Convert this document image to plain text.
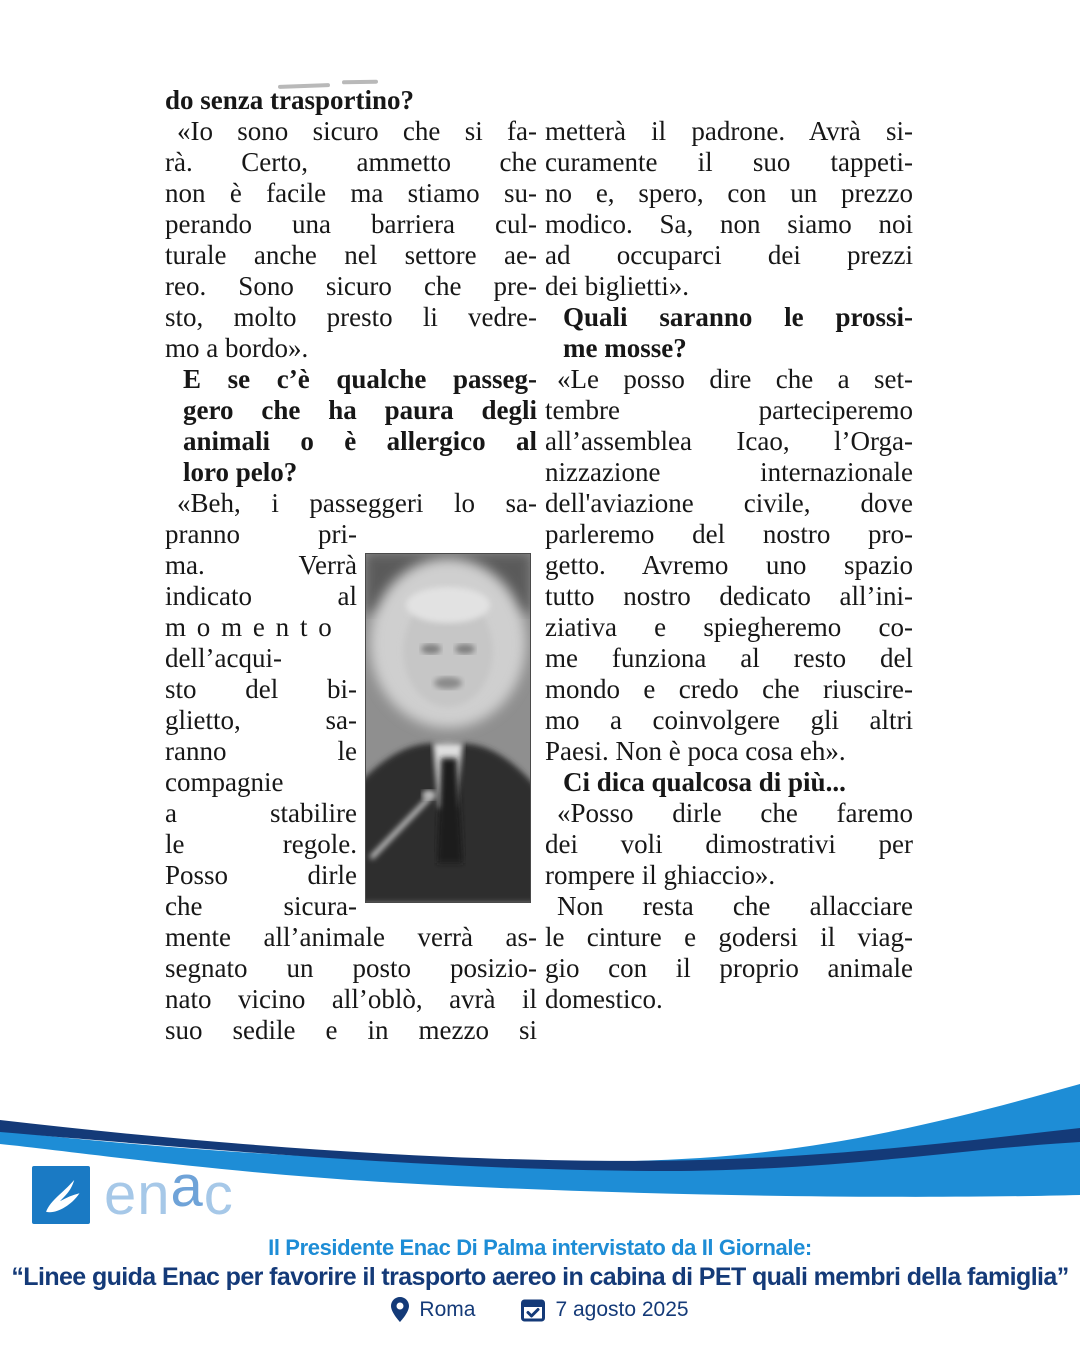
do senza trasportino?
«Io sono sicuro che si fa-
rà. Certo, ammetto che
non è facile ma stiamo su-
perando una barriera cul-
turale anche nel settore ae-
reo. Sono sicuro che pre-
sto, molto presto li vedre-
mo a bordo».
E se c’è qualche passeg-
gero che ha paura degli
animali o è allergico al
loro pelo?
«Beh, i passeggeri lo sa-
pranno pri-
ma. Verrà
indicato al
momento
dell’acqui-
sto del bi-
glietto, sa-
ranno le
compagnie
a stabilire
le regole.
Posso dirle
che sicura-
mente all’animale verrà as-
segnato un posto posizio-
nato vicino all’oblò, avrà il
suo sedile e in mezzo si
metterà il padrone. Avrà si-
curamente il suo tappeti-
no e, spero, con un prezzo
modico. Sa, non siamo noi
ad occuparci dei prezzi
dei biglietti».
Quali saranno le prossi-
me mosse?
«Le posso dire che a set-
tembre parteciperemo
all’assemblea Icao, l’Orga-
nizzazione internazionale
dell'aviazione civile, dove
parleremo del nostro pro-
getto. Avremo uno spazio
tutto nostro dedicato all’ini-
ziativa e spiegheremo co-
me funziona al resto del
mondo e credo che riuscire-
mo a coinvolgere gli altri
Paesi. Non è poca cosa eh».
Ci dica qualcosa di più...
«Posso dirle che faremo
dei voli dimostrativi per
rompere il ghiaccio».
Non resta che allacciare
le cinture e godersi il viag-
gio con il proprio animale
domestico.
enac
Il Presidente Enac Di Palma intervistato da Il Giornale:
“Linee guida Enac per favorire il trasporto aereo in cabina di PET quali membri della famiglia”
Roma	7 agosto 2025
